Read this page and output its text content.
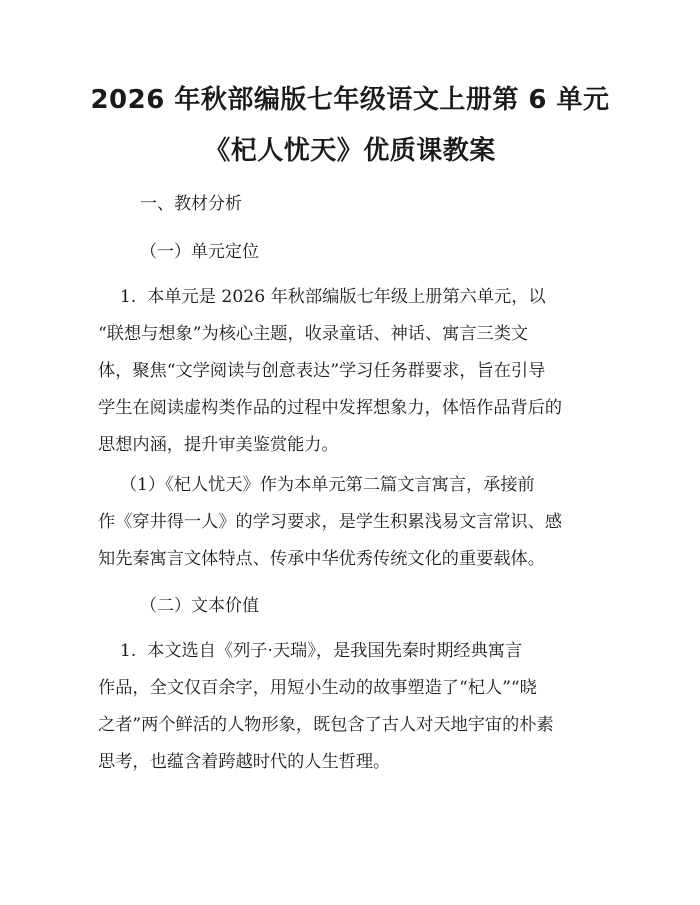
2026 年秋部编版七年级语文上册第 6 单元
《杞人忧天》优质课教案
一、教材分析
（一）单元定位
1.  本单元是 2026 年秋部编版七年级上册第六单元，以
“联想与想象”为核心主题，收录童话、神话、寓言三类文
体，聚焦“文学阅读与创意表达”学习任务群要求，旨在引导
学生在阅读虚构类作品的过程中发挥想象力，体悟作品背后的
思想内涵，提升审美鉴赏能力。
（1）《杞人忧天》作为本单元第二篇文言寓言，承接前
作《穿井得一人》的学习要求，是学生积累浅易文言常识、感
知先秦寓言文体特点、传承中华优秀传统文化的重要载体。
（二）文本价值
1.  本文选自《列子·天瑞》，是我国先秦时期经典寓言
作品，全文仅百余字，用短小生动的故事塑造了“杞人”“晓
之者”两个鲜活的人物形象，既包含了古人对天地宇宙的朴素
思考，也蕴含着跨越时代的人生哲理。
